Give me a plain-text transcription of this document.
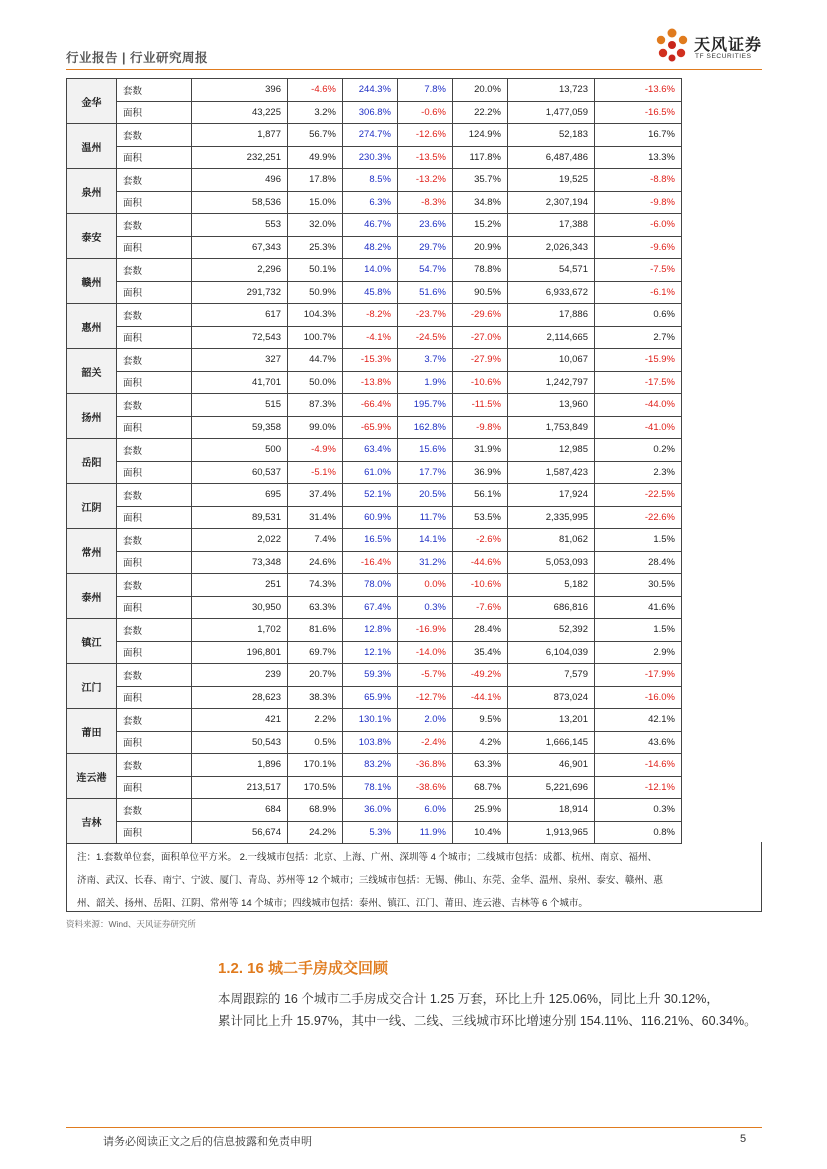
行业报告 | 行业研究周报
天风证券
TF SECURITIES
金华	套数	396	-4.6%	244.3%	7.8%	20.0%	13,723	-13.6%
	面积	43,225	3.2%	306.8%	-0.6%	22.2%	1,477,059	-16.5%
温州	套数	1,877	56.7%	274.7%	-12.6%	124.9%	52,183	16.7%
	面积	232,251	49.9%	230.3%	-13.5%	117.8%	6,487,486	13.3%
泉州	套数	496	17.8%	8.5%	-13.2%	35.7%	19,525	-8.8%
	面积	58,536	15.0%	6.3%	-8.3%	34.8%	2,307,194	-9.8%
泰安	套数	553	32.0%	46.7%	23.6%	15.2%	17,388	-6.0%
	面积	67,343	25.3%	48.2%	29.7%	20.9%	2,026,343	-9.6%
赣州	套数	2,296	50.1%	14.0%	54.7%	78.8%	54,571	-7.5%
	面积	291,732	50.9%	45.8%	51.6%	90.5%	6,933,672	-6.1%
惠州	套数	617	104.3%	-8.2%	-23.7%	-29.6%	17,886	0.6%
	面积	72,543	100.7%	-4.1%	-24.5%	-27.0%	2,114,665	2.7%
韶关	套数	327	44.7%	-15.3%	3.7%	-27.9%	10,067	-15.9%
	面积	41,701	50.0%	-13.8%	1.9%	-10.6%	1,242,797	-17.5%
扬州	套数	515	87.3%	-66.4%	195.7%	-11.5%	13,960	-44.0%
	面积	59,358	99.0%	-65.9%	162.8%	-9.8%	1,753,849	-41.0%
岳阳	套数	500	-4.9%	63.4%	15.6%	31.9%	12,985	0.2%
	面积	60,537	-5.1%	61.0%	17.7%	36.9%	1,587,423	2.3%
江阴	套数	695	37.4%	52.1%	20.5%	56.1%	17,924	-22.5%
	面积	89,531	31.4%	60.9%	11.7%	53.5%	2,335,995	-22.6%
常州	套数	2,022	7.4%	16.5%	14.1%	-2.6%	81,062	1.5%
	面积	73,348	24.6%	-16.4%	31.2%	-44.6%	5,053,093	28.4%
泰州	套数	251	74.3%	78.0%	0.0%	-10.6%	5,182	30.5%
	面积	30,950	63.3%	67.4%	0.3%	-7.6%	686,816	41.6%
镇江	套数	1,702	81.6%	12.8%	-16.9%	28.4%	52,392	1.5%
	面积	196,801	69.7%	12.1%	-14.0%	35.4%	6,104,039	2.9%
江门	套数	239	20.7%	59.3%	-5.7%	-49.2%	7,579	-17.9%
	面积	28,623	38.3%	65.9%	-12.7%	-44.1%	873,024	-16.0%
莆田	套数	421	2.2%	130.1%	2.0%	9.5%	13,201	42.1%
	面积	50,543	0.5%	103.8%	-2.4%	4.2%	1,666,145	43.6%
连云港	套数	1,896	170.1%	83.2%	-36.8%	63.3%	46,901	-14.6%
	面积	213,517	170.5%	78.1%	-38.6%	68.7%	5,221,696	-12.1%
吉林	套数	684	68.9%	36.0%	6.0%	25.9%	18,914	0.3%
	面积	56,674	24.2%	5.3%	11.9%	10.4%	1,913,965	0.8%
注：1.套数单位套，面积单位平方米。 2.一线城市包括：北京、上海、广州、深圳等 4 个城市；二线城市包括：成都、杭州、南京、福州、
济南、武汉、长春、南宁、宁波、厦门、青岛、苏州等 12 个城市；三线城市包括：无锡、佛山、东莞、金华、温州、泉州、泰安、赣州、惠
州、韶关、扬州、岳阳、江阴、常州等 14 个城市；四线城市包括：泰州、镇江、江门、莆田、连云港、吉林等 6 个城市。
资料来源：Wind、天风证券研究所
1.2. 16 城二手房成交回顾
本周跟踪的 16 个城市二手房成交合计 1.25 万套，环比上升 125.06%，同比上升 30.12%，
累计同比上升 15.97%，其中一线、二线、三线城市环比增速分别 154.11%、116.21%、60.34%。
请务必阅读正文之后的信息披露和免责申明	5
